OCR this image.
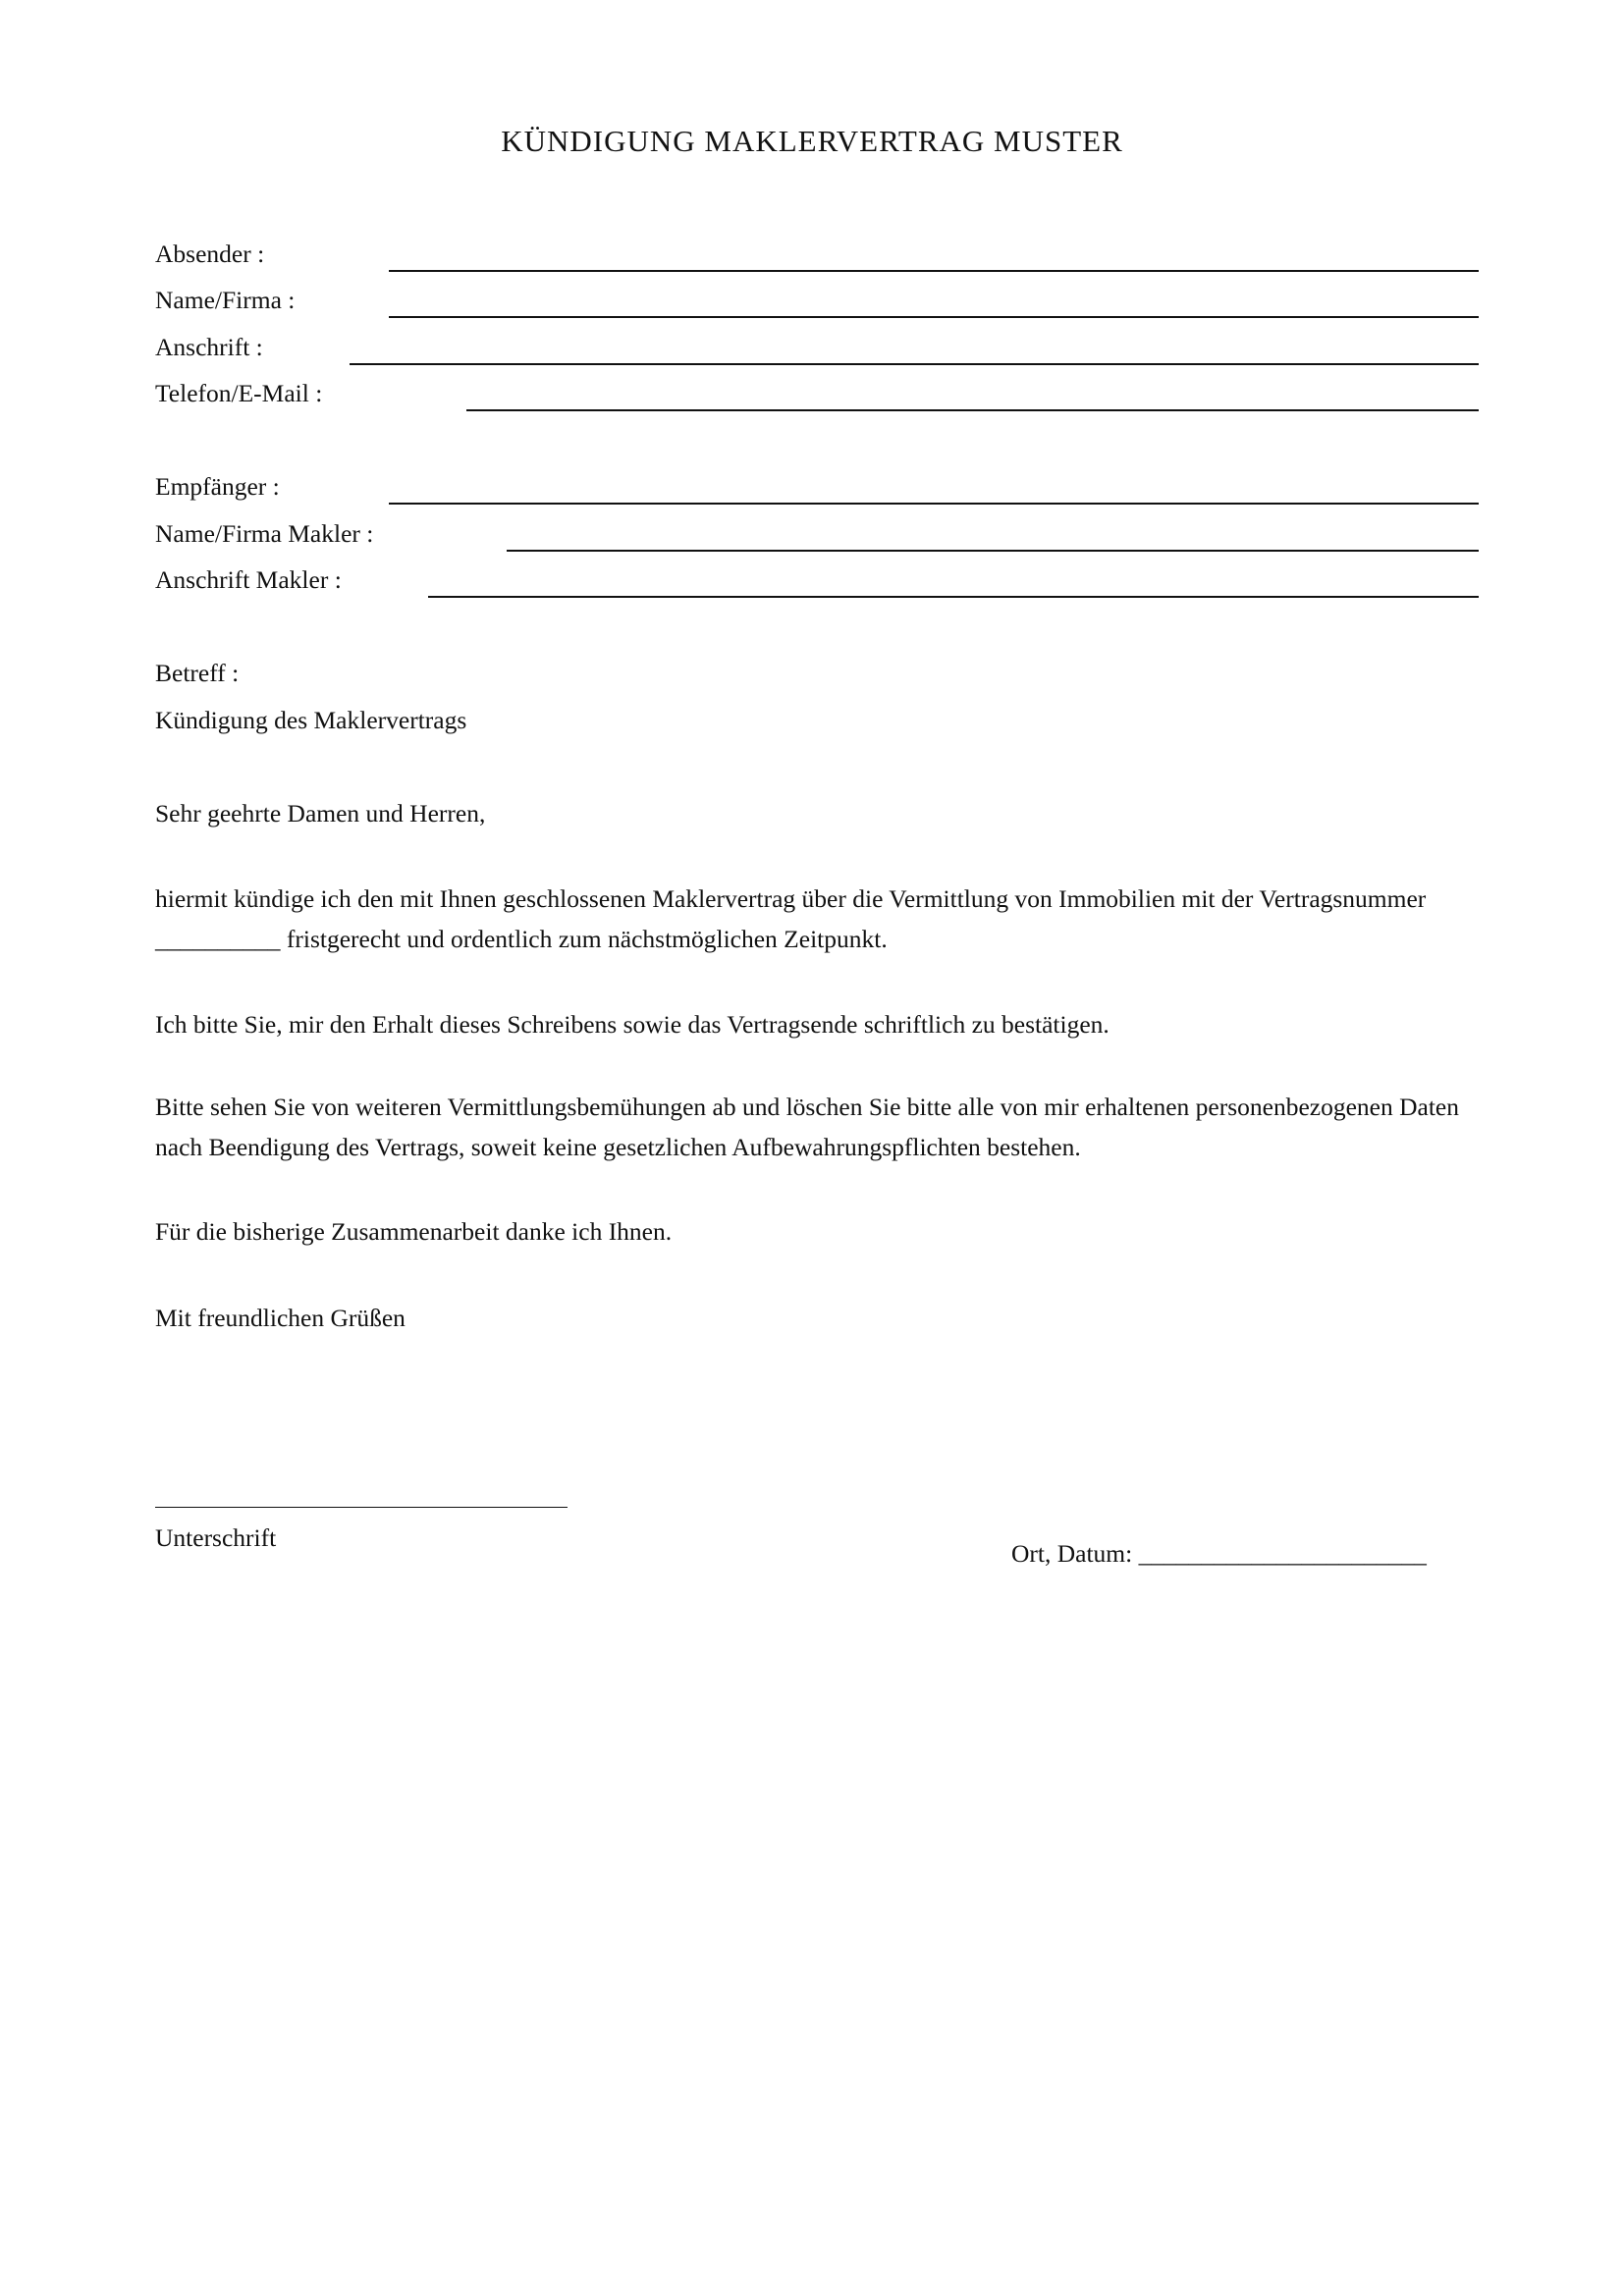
KÜNDIGUNG MAKLERVERTRAG MUSTER
Absender :
Name/Firma :
Anschrift :
Telefon/E-Mail :
Empfänger :
Name/Firma Makler :
Anschrift Makler :
Betreff :
Kündigung des Maklervertrags
Sehr geehrte Damen und Herren,
hiermit kündige ich den mit Ihnen geschlossenen Maklervertrag über die Vermittlung von Immobilien mit der Vertragsnummer __________ fristgerecht und ordentlich zum nächstmöglichen Zeitpunkt.
Ich bitte Sie, mir den Erhalt dieses Schreibens sowie das Vertragsende schriftlich zu bestätigen.
Bitte sehen Sie von weiteren Vermittlungsbemühungen ab und löschen Sie bitte alle von mir erhaltenen personenbezogenen Daten nach Beendigung des Vertrags, soweit keine gesetzlichen Aufbewahrungspflichten bestehen.
Für die bisherige Zusammenarbeit danke ich Ihnen.
Mit freundlichen Grüßen
Unterschrift
Ort, Datum: _______________________
